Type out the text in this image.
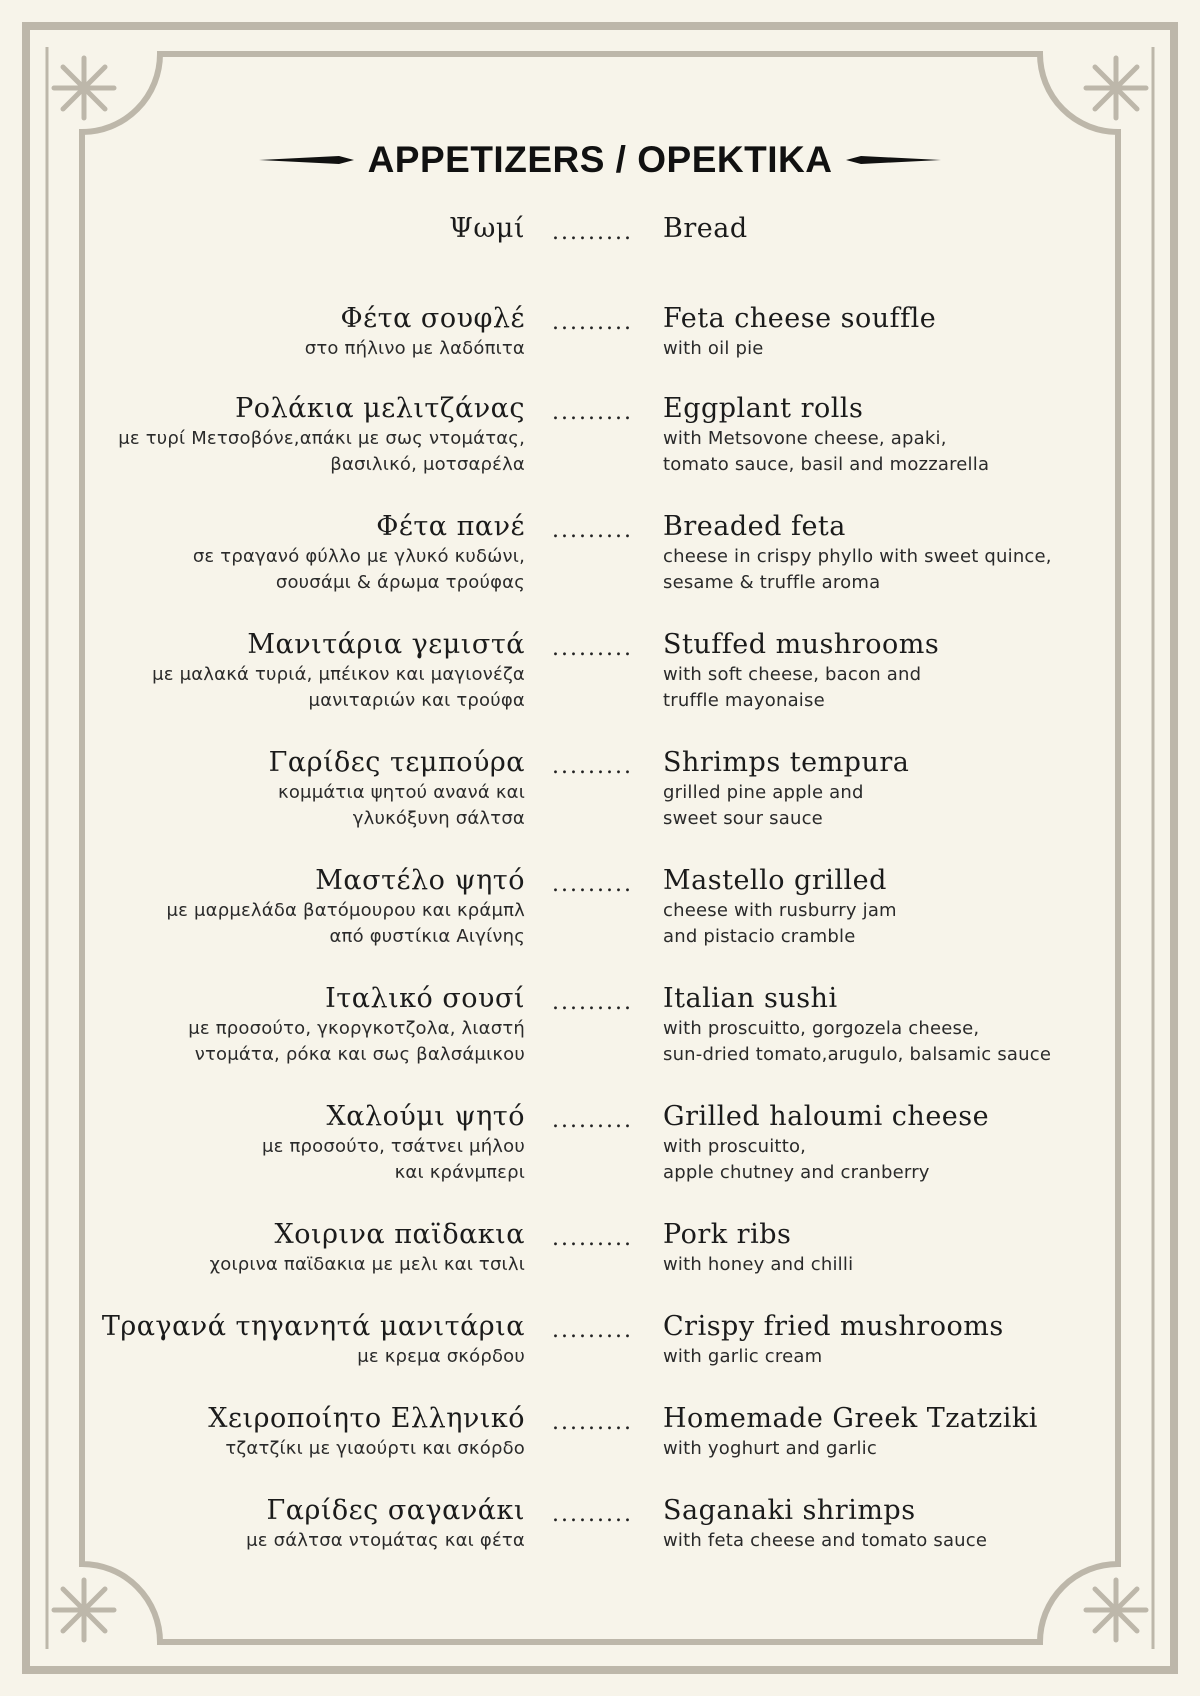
APPETIZERS / OPEKTIKA
Ψωμί ......... Bread
Φέτα σουφλέ
στο πήλινο με λαδόπιτα
......... Feta cheese souffle
with oil pie
Ρολάκια μελιτζάνας
με τυρί Μετσοβόνε,απάκι με σως ντομάτας,
βασιλικό, μοτσαρέλα
......... Eggplant rolls
with Metsovone cheese, apaki,
tomato sauce, basil and mozzarella
Φέτα πανέ
σε τραγανό φύλλο με γλυκό κυδώνι,
σουσάμι & άρωμα τρούφας
......... Breaded feta
cheese in crispy phyllo with sweet quince,
sesame & truffle aroma
Μανιτάρια γεμιστά
με μαλακά τυριά, μπέικον και μαγιονέζα
μανιταριών και τρούφα
......... Stuffed mushrooms
with soft cheese, bacon and
truffle mayonaise
Γαρίδες τεμπούρα
κομμάτια ψητού ανανά και
γλυκόξυνη σάλτσα
......... Shrimps tempura
grilled pine apple and
sweet sour sauce
Μαστέλο ψητό
με μαρμελάδα βατόμουρου και κράμπλ
από φυστίκια Αιγίνης
......... Mastello grilled
cheese with rusburry jam
and pistacio cramble
Ιταλικό σουσί
με προσούτο, γκοργκοτζολα, λιαστή
ντομάτα, ρόκα και σως βαλσάμικου
......... Italian sushi
with proscuitto, gorgozela cheese,
sun-dried tomato,arugulo, balsamic sauce
Χαλούμι ψητό
με προσούτο, τσάτνει μήλου
και κράνμπερι
......... Grilled haloumi cheese
with proscuitto,
apple chutney and cranberry
Χοιρινα παϊδακια
χοιρινα παϊδακια με μελι και τσιλι
......... Pork ribs
with honey and chilli
Τραγανά τηγανητά μανιτάρια
με κρεμα σκόρδου
......... Crispy fried mushrooms
with garlic cream
Χειροποίητο Ελληνικό
τζατζίκι με γιαούρτι και σκόρδο
......... Homemade Greek Tzatziki
with yoghurt and garlic
Γαρίδες σαγανάκι
με σάλτσα ντομάτας και φέτα
......... Saganaki shrimps
with feta cheese and tomato sauce
